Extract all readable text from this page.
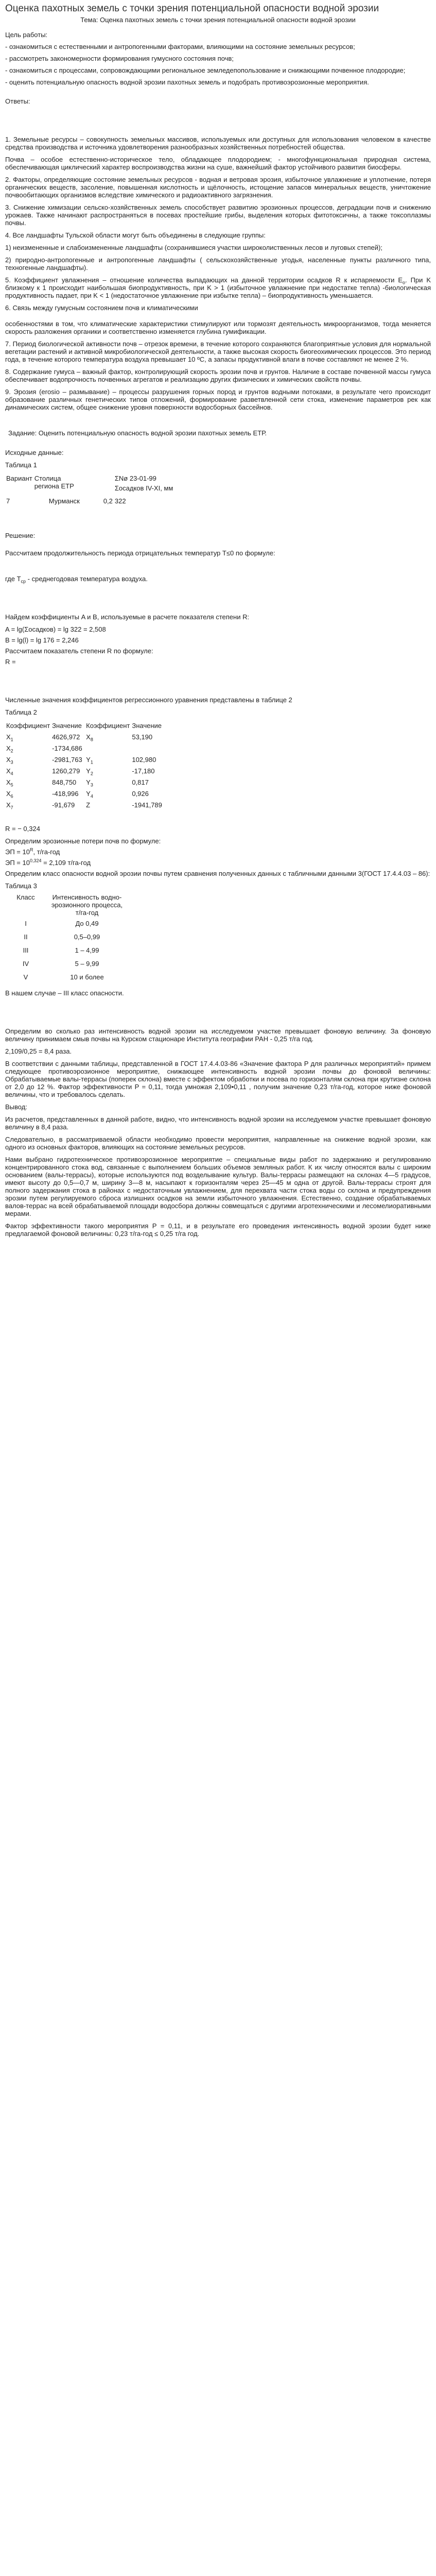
Оценка пахотных земель с точки зрения потенциальной опасности водной эрозии

Тема: Оценка пахотных земель с точки зрения потенциальной опасности водной эрозии

Цель работы:

- ознакомиться с естественными и антропогенными факторами, влияющими на состояние земельных ресурсов;

- рассмотреть закономерности формирования гумусного состояния почв;

- ознакомиться с процессами, сопровождающими региональное земледепопользование и снижающими почвенное плодородие;

- оценить потенциальную опасность водной эрозии пахотных земель и подобрать противоэрозионные мероприятия.

Ответы:

1. Земельные ресурсы – совокупность земельных массивов, используемых или доступных для использования человеком в качестве средства производства и источника удовлетворения разнообразных хозяйственных потребностей общества.

Почва – особое естественно-историческое тело, обладающее плодородием; - многофункциональная природная система, обеспечивающая циклический характер воспроизводства жизни на суше, важнейший фактор устойчивого развития биосферы.

2. Факторы, определяющие состояние земельных ресурсов - водная и ветровая эрозия, избыточное увлажнение и уплотнение, потеря органических веществ, засоление, повышенная кислотность и щёлочность, истощение запасов минеральных веществ, уничтожение почвообитающих организмов вследствие химического и радиоактивного загрязнения.

3. Снижение химизации сельско-хозяйственных земель способствует развитию эрозионных процессов, деградации почв и снижению урожаев. Также начинают распространяться в посевах простейшие грибы, выделения которых фитотоксичны, а также токсоплазмы почвы.

4. Все ландшафты Тульской области могут быть объединены в следующие группы:

1) неизмененные и слабоизмененные ландшафты (сохранившиеся участки широколиственных лесов и луговых степей);

2) природно-антропогенные и антропогенные ландшафты ( сельскохозяйственные угодья, населенные пункты различного типа, техногенные ландшафты).

5. Коэффициент увлажнения – отношение количества выпадающих на данной территории осадков R к испаряемости $E_o$. При K близкому к 1 происходит наибольшая биопродуктивность, при K > 1 (избыточное увлажнение при недостатке тепла) -биологическая продуктивность падает, при K < 1 (недостаточное увлажнение при избытке тепла) – биопродуктивность уменьшается.

6. Связь между гумусным состоянием почв и климатическими

особенностями в том, что климатические характеристики стимулируют или тормозят деятельность микроорганизмов, тогда меняется скорость разложения органики и соответственно изменяется глубина гумификации.

7. Период биологической активности почв – отрезок времени, в течение которого сохраняются благоприятные условия для нормальной вегетации растений и активной микробиологической деятельности, а также высокая скорость биогеохимических процессов. Это период года, в течение которого температура воздуха превышает 10 ºС, а запасы продуктивной влаги в почве составляют не менее 2 %.

8. Содержание гумуса – важный фактор, контролирующий скорость эрозии почв и грунтов. Наличие в составе почвенной массы гумуса обеспечивает водопрочность почвенных агрегатов и реализацию других физических и химических свойств почвы.

9. Эрозия (erosio – размывание) – процессы разрушения горных пород и грунтов водными потоками, в результате чего происходит образование различных генетических типов отложений, формирование разветвленной сети стока, изменение параметров рек как динамических систем, общее снижение уровня поверхности водосборных бассейнов.

Задание: Оценить потенциальную опасность водной эрозии пахотных земель ЕТР.

Исходные данные:

Таблица 1

Вариант	Столица региона ЕТР		ΣNø 23-01-99
Σосадков IV-XI, мм

7	Мурманск	0,2	322

Решение:

Рассчитаем продолжительность периода отрицательных температур T≤0 по формуле:

где $T_{ср}$ - среднегодовая температура воздуха.

Найдем коэффициенты A и B, используемые в расчете показателя степени R:

A = lg(Σосадков) = lg 322 = 2,508

B = lg(l) = lg 176 = 2,246

Рассчитаем показатель степени R по формуле:

R =

Численные значения коэффициентов регрессионного уравнения представлены в таблице 2

Таблица 2

Коэффициент	Значение	Коэффициент	Значение
$X_1$	4626,972	$X_8$	53,190
$X_2$	-1734,686		
$X_3$	-2981,763	$Y_1$	102,980
$X_4$	1260,279	$Y_2$	-17,180
$X_5$	848,750	$Y_3$	0,817
$X_6$	-418,996	$Y_4$	0,926
$X_7$	-91,679	Z	-1941,789

R = − 0,324

Определим эрозионные потери почв по формуле:

ЭП = $10^R$, т/га-год

ЭП = $10^{0,324} = 2,109$ т/га-год

Определим класс опасности водной эрозии почвы путем сравнения полученных данных с табличными данными 3(ГОСТ 17.4.4.03 – 86):

Таблица 3

Класс	Интенсивность водно-эрозионного процесса, т/га-год
I	До 0,49
II	0,5–0,99
III	1 – 4,99
IV	5 – 9,99
V	10 и более

В нашем случае – III класс опасности.

Определим во сколько раз интенсивность водной эрозии на исследуемом участке превышает фоновую величину. За фоновую величину принимаем смыв почвы на Курском стационаре Института географии РАН - 0,25 т/га год.

2,109/0,25 = 8,4 раза.

В соответствии с данными таблицы, представленной в ГОСТ 17.4.4.03-86 «Значение фактора P для различных мероприятий» примем следующее противоэрозионное мероприятие, снижающее интенсивность водной эрозии почвы до фоновой величины: Обрабатываемые валы-террасы (поперек склона) вместе с эффектом обработки и посева по горизонталям склона при крутизне склона от 2,0 до 12 %. Фактор эффективности P = 0,11, тогда умножая 2,109•0,11 , получим значение 0,23 т/га-год, которое ниже фоновой величины, что и требовалось сделать.

Вывод:

Из расчетов, представленных в данной работе, видно, что интенсивность водной эрозии на исследуемом участке превышает фоновую величину в 8,4 раза.

Следовательно, в рассматриваемой области необходимо провести мероприятия, направленные на снижение водной эрозии, как одного из основных факторов, влияющих на состояние земельных ресурсов.

Нами выбрано гидротехническое противоэрозионное мероприятие – специальные виды работ по задержанию и регулированию концентрированного стока вод, связанные с выполнением больших объемов земляных работ. К их числу относятся валы с широким основанием (валы-террасы), которые используются под возделывание культур. Валы-террасы размещают на склонах 4—5 градусов, имеют высоту до 0,5—0,7 м, ширину 3—8 м, насыпают к горизонталям через 25—45 м одна от другой. Валы-террасы строят для полного задержания стока в районах с недостаточным увлажнением, для перехвата части стока воды со склона и предупреждения эрозии путем регулируемого сброса излишних осадков на земли избыточного увлажнения. Естественно, создание обрабатываемых валов-террас на всей обрабатываемой площади водосбора должны совмещаться с другими агротехническими и лесомелиоративными мерами.

Фактор эффективности такого мероприятия P = 0,11, и в результате его проведения интенсивность водной эрозии будет ниже предлагаемой фоновой величины: 0,23 т/га-год ≤ 0,25 т/га год.
